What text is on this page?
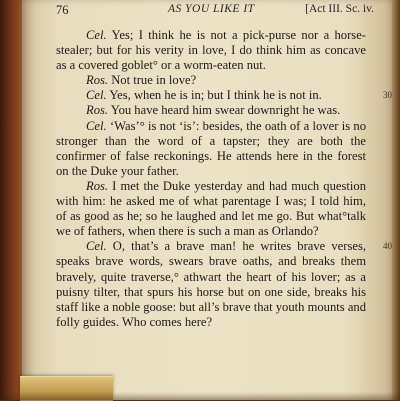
76	AS YOU LIKE IT	[Act III. Sc. iv.

Cel. Yes; I think he is not a pick-purse nor a horse-stealer; but for his verity in love, I do think him as concave as a covered goblet° or a worm-eaten nut.

Ros. Not true in love?

Cel. Yes, when he is in; but I think he is not in.	30

Ros. You have heard him swear downright he was.

Cel. ‘Was’° is not ‘is’: besides, the oath of a lover is no stronger than the word of a tapster; they are both the confirmer of false reckonings. He attends here in the forest on the Duke your father.

Ros. I met the Duke yesterday and had much question with him: he asked me of what parentage I was; I told him, of as good as he; so he laughed and let me go. But what°talk we of fathers, when there is such a man as Orlando?
40

Cel. O, that’s a brave man! he writes brave verses, speaks brave words, swears brave oaths, and breaks them bravely, quite traverse,° athwart the heart of his lover; as a puisny tilter, that spurs his horse but on one side, breaks his staff like a noble goose: but all’s brave that youth mounts and folly guides. Who comes here?
